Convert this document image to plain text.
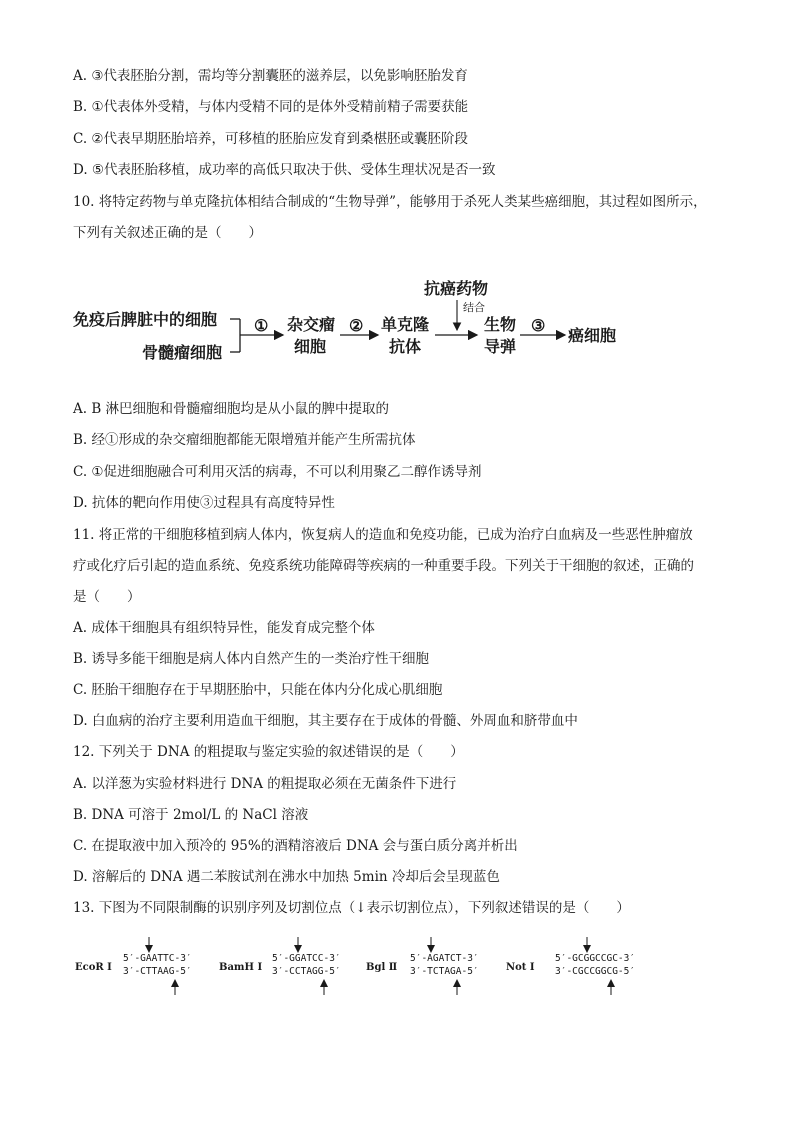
A. ③代表胚胎分割，需均等分割囊胚的滋养层，以免影响胚胎发育
B. ①代表体外受精，与体内受精不同的是体外受精前精子需要获能
C. ②代表早期胚胎培养，可移植的胚胎应发育到桑椹胚或囊胚阶段
D. ⑤代表胚胎移植，成功率的高低只取决于供、受体生理状况是否一致
10. 将特定药物与单克隆抗体相结合制成的“生物导弹”，能够用于杀死人类某些癌细胞，其过程如图所示，
下列有关叙述正确的是（　　）
免疫后脾脏中的细胞
骨髓瘤细胞
① 杂交瘤
细胞
② 单克隆
抗体
抗癌药物
结合
生物
导弹
③
癌细胞
EcoR Ⅰ
5′-GAATTC-3′
3′-CTTAAG-5′	BamH Ⅰ
5′-GGATCC-3′
3′-CCTAGG-5′	Bgl Ⅱ
5′-AGATCT-3′
3′-TCTAGA-5′	Not Ⅰ
5′-GCGGCCGC-3′
3′-CGCCGGCG-5′
A. B 淋巴细胞和骨髓瘤细胞均是从小鼠的脾中提取的
B. 经①形成的杂交瘤细胞都能无限增殖并能产生所需抗体
C. ①促进细胞融合可利用灭活的病毒，不可以利用聚乙二醇作诱导剂
D. 抗体的靶向作用使③过程具有高度特异性
11. 将正常的干细胞移植到病人体内，恢复病人的造血和免疫功能，已成为治疗白血病及一些恶性肿瘤放
疗或化疗后引起的造血系统、免疫系统功能障碍等疾病的一种重要手段。下列关于干细胞的叙述，正确的
是（　　）
A. 成体干细胞具有组织特异性，能发育成完整个体
B. 诱导多能干细胞是病人体内自然产生的一类治疗性干细胞
C. 胚胎干细胞存在于早期胚胎中，只能在体内分化成心肌细胞
D. 白血病的治疗主要利用造血干细胞，其主要存在于成体的骨髓、外周血和脐带血中
12. 下列关于 DNA 的粗提取与鉴定实验的叙述错误的是（　　）
A. 以洋葱为实验材料进行 DNA 的粗提取必须在无菌条件下进行
B. DNA 可溶于 2mol/L 的 NaCl 溶液
C. 在提取液中加入预冷的 95%的酒精溶液后 DNA 会与蛋白质分离并析出
D. 溶解后的 DNA 遇二苯胺试剂在沸水中加热 5min 冷却后会呈现蓝色
13. 下图为不同限制酶的识别序列及切割位点（↓表示切割位点），下列叙述错误的是（　　）
